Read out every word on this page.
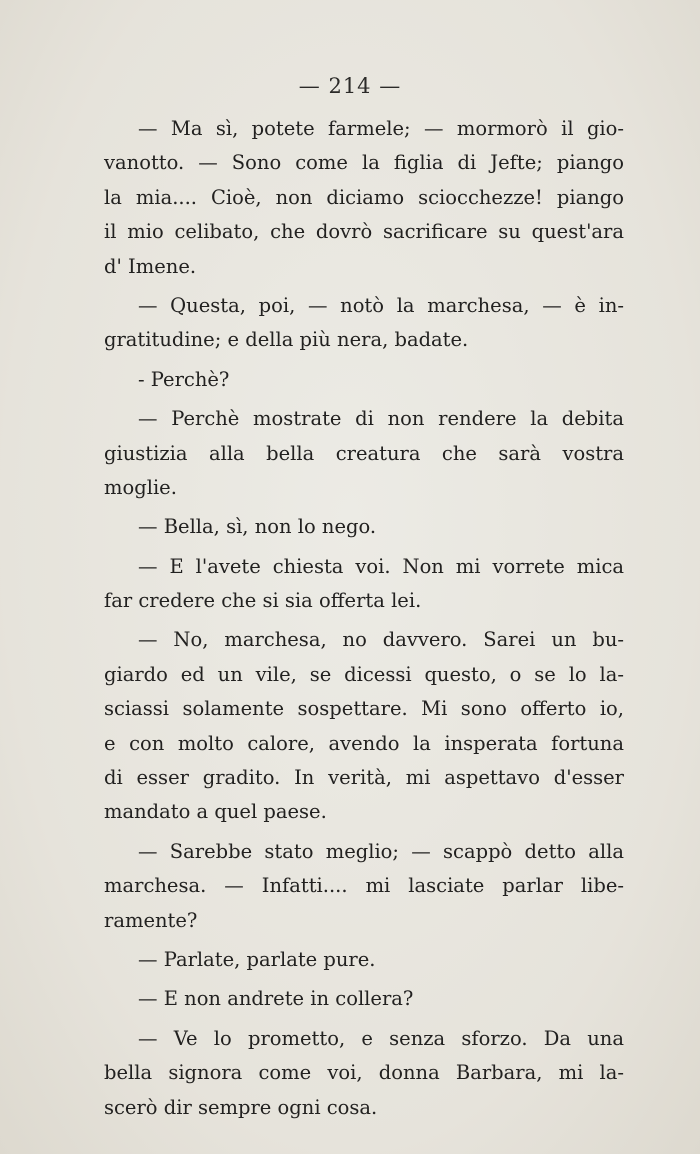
— 214 —
— Ma sì, potete farmele; — mormorò il gio-
vanotto. — Sono come la figlia di Jefte; piango
la mia.... Cioè, non diciamo sciocchezze! piango
il mio celibato, che dovrò sacrificare su quest'ara
d' Imene.
— Questa, poi, — notò la marchesa, — è in-
gratitudine; e della più nera, badate.
- Perchè?
— Perchè mostrate di non rendere la debita
giustizia alla bella creatura che sarà vostra
moglie.
— Bella, sì, non lo nego.
— E l'avete chiesta voi. Non mi vorrete mica
far credere che si sia offerta lei.
— No, marchesa, no davvero. Sarei un bu-
giardo ed un vile, se dicessi questo, o se lo la-
sciassi solamente sospettare. Mi sono offerto io,
e con molto calore, avendo la insperata fortuna
di esser gradito. In verità, mi aspettavo d'esser
mandato a quel paese.
— Sarebbe stato meglio; — scappò detto alla
marchesa. — Infatti.... mi lasciate parlar libe-
ramente?
— Parlate, parlate pure.
— E non andrete in collera?
— Ve lo prometto, e senza sforzo. Da una
bella signora come voi, donna Barbara, mi la-
scerò dir sempre ogni cosa.
